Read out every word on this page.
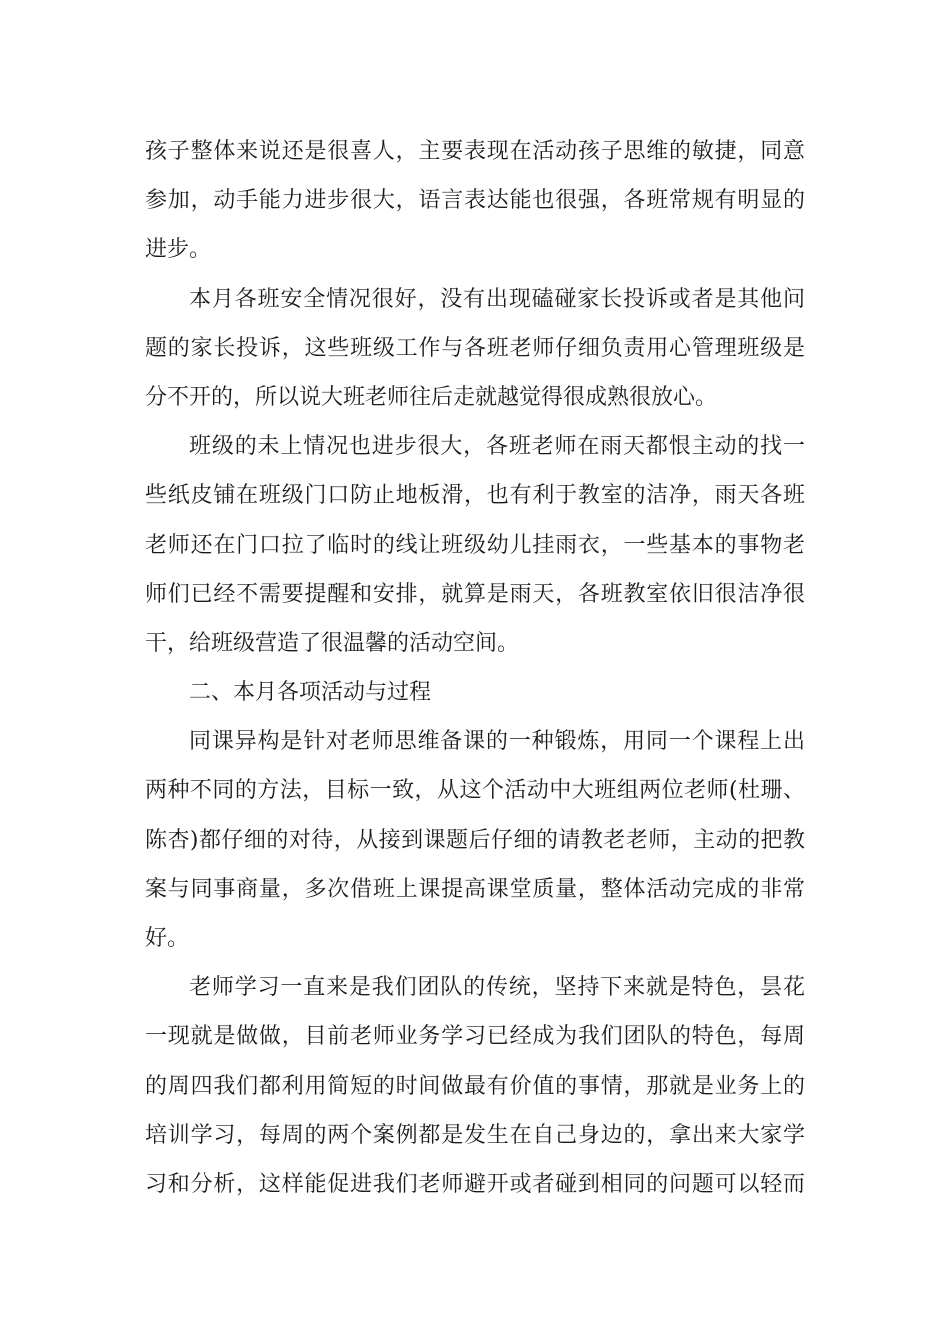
孩子整体来说还是很喜人，主要表现在活动孩子思维的敏捷，同意
参加，动手能力进步很大，语言表达能也很强，各班常规有明显的
进步。
本月各班安全情况很好，没有出现磕碰家长投诉或者是其他问
题的家长投诉，这些班级工作与各班老师仔细负责用心管理班级是
分不开的，所以说大班老师往后走就越觉得很成熟很放心。
班级的未上情况也进步很大，各班老师在雨天都恨主动的找一
些纸皮铺在班级门口防止地板滑，也有利于教室的洁净，雨天各班
老师还在门口拉了临时的线让班级幼儿挂雨衣，一些基本的事物老
师们已经不需要提醒和安排，就算是雨天，各班教室依旧很洁净很
干，给班级营造了很温馨的活动空间。
二、本月各项活动与过程
同课异构是针对老师思维备课的一种锻炼，用同一个课程上出
两种不同的方法，目标一致，从这个活动中大班组两位老师(杜珊、
陈杏)都仔细的对待，从接到课题后仔细的请教老老师，主动的把教
案与同事商量，多次借班上课提高课堂质量，整体活动完成的非常
好。
老师学习一直来是我们团队的传统，坚持下来就是特色，昙花
一现就是做做，目前老师业务学习已经成为我们团队的特色，每周
的周四我们都利用简短的时间做最有价值的事情，那就是业务上的
培训学习，每周的两个案例都是发生在自己身边的，拿出来大家学
习和分析，这样能促进我们老师避开或者碰到相同的问题可以轻而
